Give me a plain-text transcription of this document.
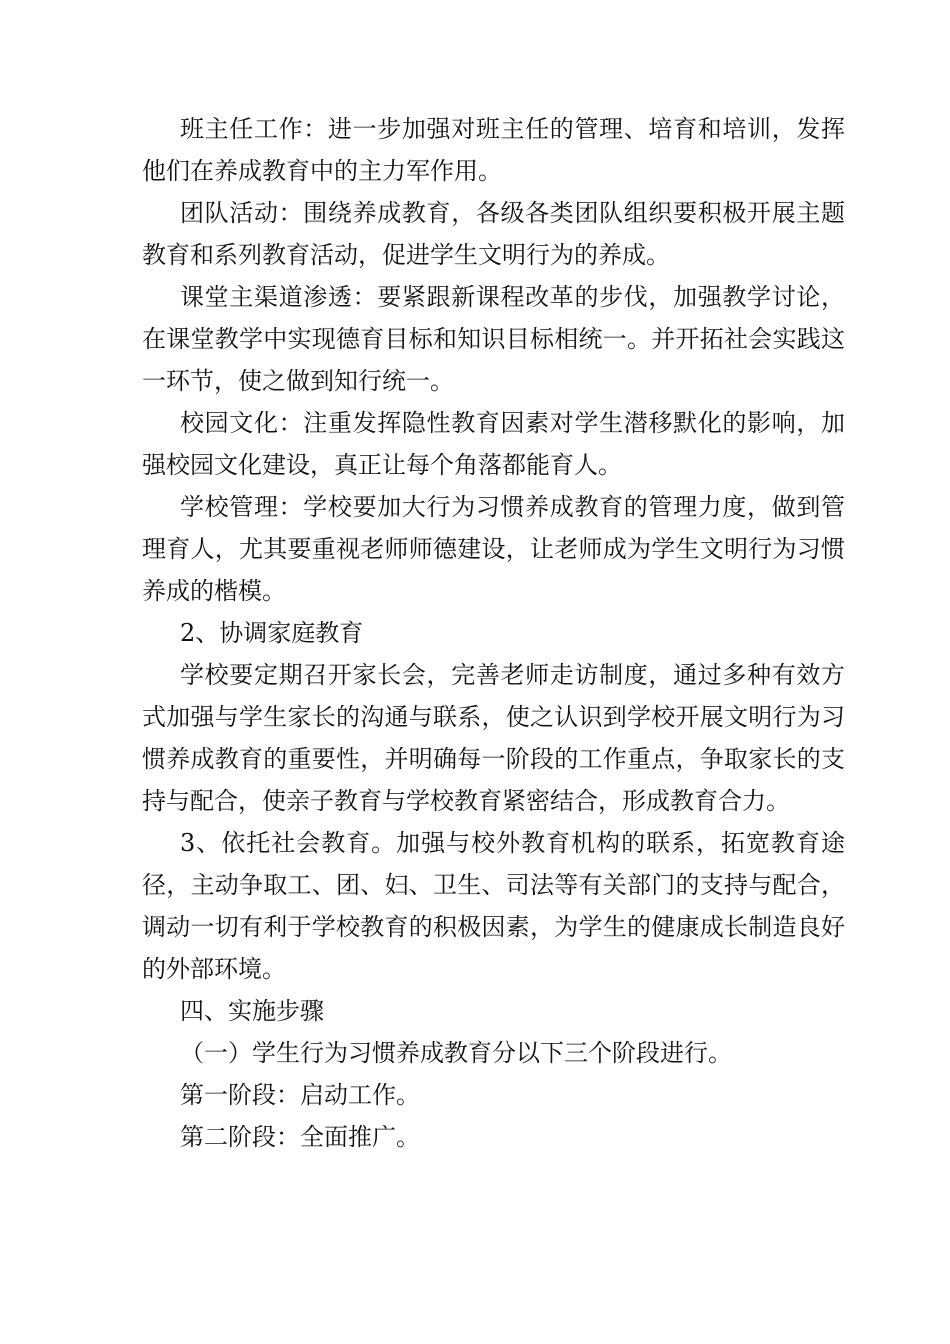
班主任工作：进一步加强对班主任的管理、培育和培训，发挥他们在养成教育中的主力军作用。

团队活动：围绕养成教育，各级各类团队组织要积极开展主题教育和系列教育活动，促进学生文明行为的养成。

课堂主渠道渗透：要紧跟新课程改革的步伐，加强教学讨论，在课堂教学中实现德育目标和知识目标相统一。并开拓社会实践这一环节，使之做到知行统一。

校园文化：注重发挥隐性教育因素对学生潜移默化的影响，加强校园文化建设，真正让每个角落都能育人。

学校管理：学校要加大行为习惯养成教育的管理力度，做到管理育人，尤其要重视老师师德建设，让老师成为学生文明行为习惯养成的楷模。

2、协调家庭教育

学校要定期召开家长会，完善老师走访制度，通过多种有效方式加强与学生家长的沟通与联系，使之认识到学校开展文明行为习惯养成教育的重要性，并明确每一阶段的工作重点，争取家长的支持与配合，使亲子教育与学校教育紧密结合，形成教育合力。

3、依托社会教育。加强与校外教育机构的联系，拓宽教育途径，主动争取工、团、妇、卫生、司法等有关部门的支持与配合，调动一切有利于学校教育的积极因素，为学生的健康成长制造良好的外部环境。

四、实施步骤

（一）学生行为习惯养成教育分以下三个阶段进行。

第一阶段：启动工作。

第二阶段：全面推广。
